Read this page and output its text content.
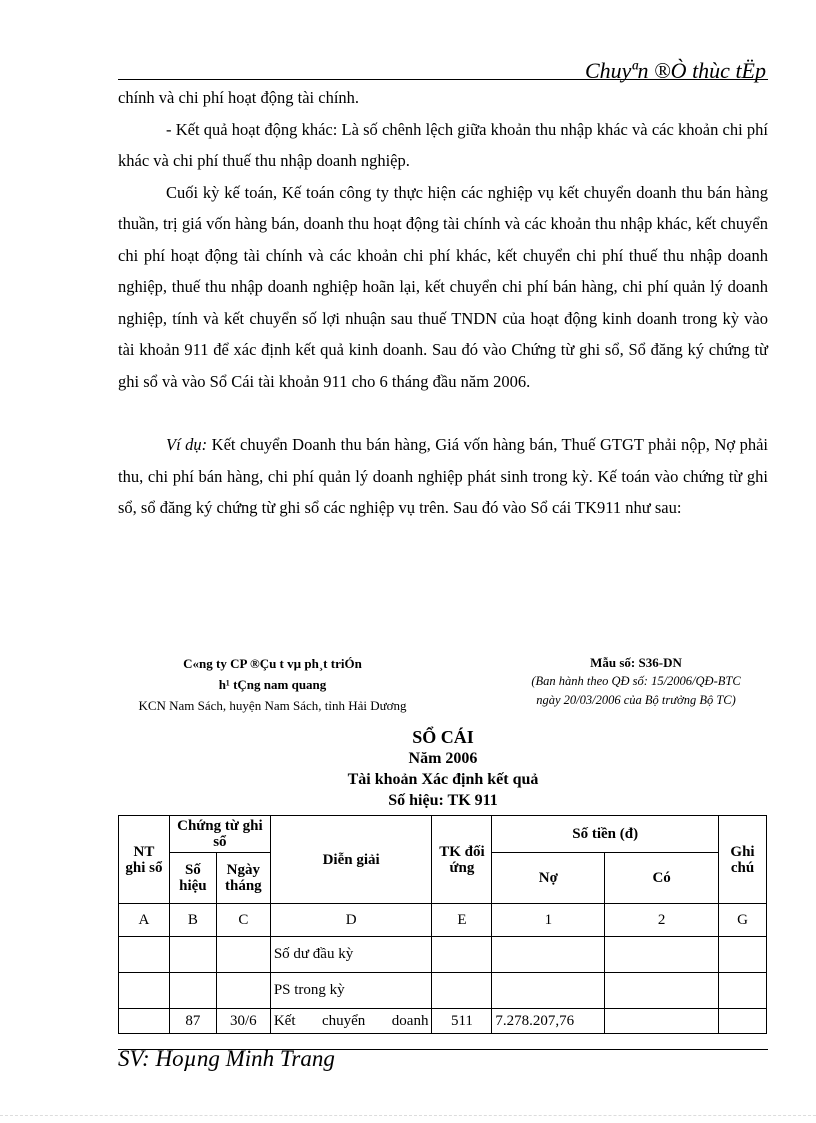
Chuyªn ®Ò thùc tËp

chính và chi phí hoạt động tài chính.

- Kết quả hoạt động khác: Là số chênh lệch giữa khoản thu nhập khác và các khoản chi phí khác và chi phí thuế thu nhập doanh nghiệp.

Cuối kỳ kế toán, Kế toán công ty thực hiện các nghiệp vụ kết chuyển doanh thu bán hàng thuần, trị giá vốn hàng bán, doanh thu hoạt động tài chính và các khoản thu nhập khác, kết chuyển chi phí hoạt động tài chính và các khoản chi phí khác, kết chuyển chi phí thuế thu nhập doanh nghiệp, thuế thu nhập doanh nghiệp hoãn lại, kết chuyển chi phí bán hàng, chi phí quản lý doanh nghiệp, tính và kết chuyển số lợi nhuận sau thuế TNDN của hoạt động kinh doanh trong kỳ vào tài khoản 911 để xác định kết quả kinh doanh. Sau đó vào Chứng từ ghi sổ, Sổ đăng ký chứng từ ghi sổ và vào Sổ Cái tài khoản 911 cho 6 tháng đầu năm 2006.

Ví dụ: Kết chuyển Doanh thu bán hàng, Giá vốn hàng bán, Thuế GTGT phải nộp, Nợ phải thu, chi phí bán hàng, chi phí quản lý doanh nghiệp phát sinh trong kỳ. Kế toán vào chứng từ ghi sổ, sổ đăng ký chứng từ ghi sổ các nghiệp vụ trên. Sau đó vào Sổ cái TK911 như sau:

C«ng ty CP ®Çu t vµ ph¸t triÓn
h¹ tÇng nam quang
KCN Nam Sách, huyện Nam Sách, tỉnh Hải Dương
Mẫu số: S36-DN
(Ban hành theo QĐ số: 15/2006/QĐ-BTC
ngày 20/03/2006 của Bộ trưởng Bộ TC)
SỔ CÁI
Năm 2006
Tài khoản Xác định kết quả
Số hiệu: TK 911
NT ghi sổ	Chứng từ ghi sổ		Diễn giải	TK đối ứng	Số tiền (đ)		Ghi chú
	Số hiệu	Ngày tháng			Nợ	Có	
A	B	C	D	E	1	2	G
			Số dư đầu kỳ				
			PS trong kỳ				
	87	30/6	Kết chuyển doanh	511	7.278.207,76		
SV: Hoµng Minh Trang
